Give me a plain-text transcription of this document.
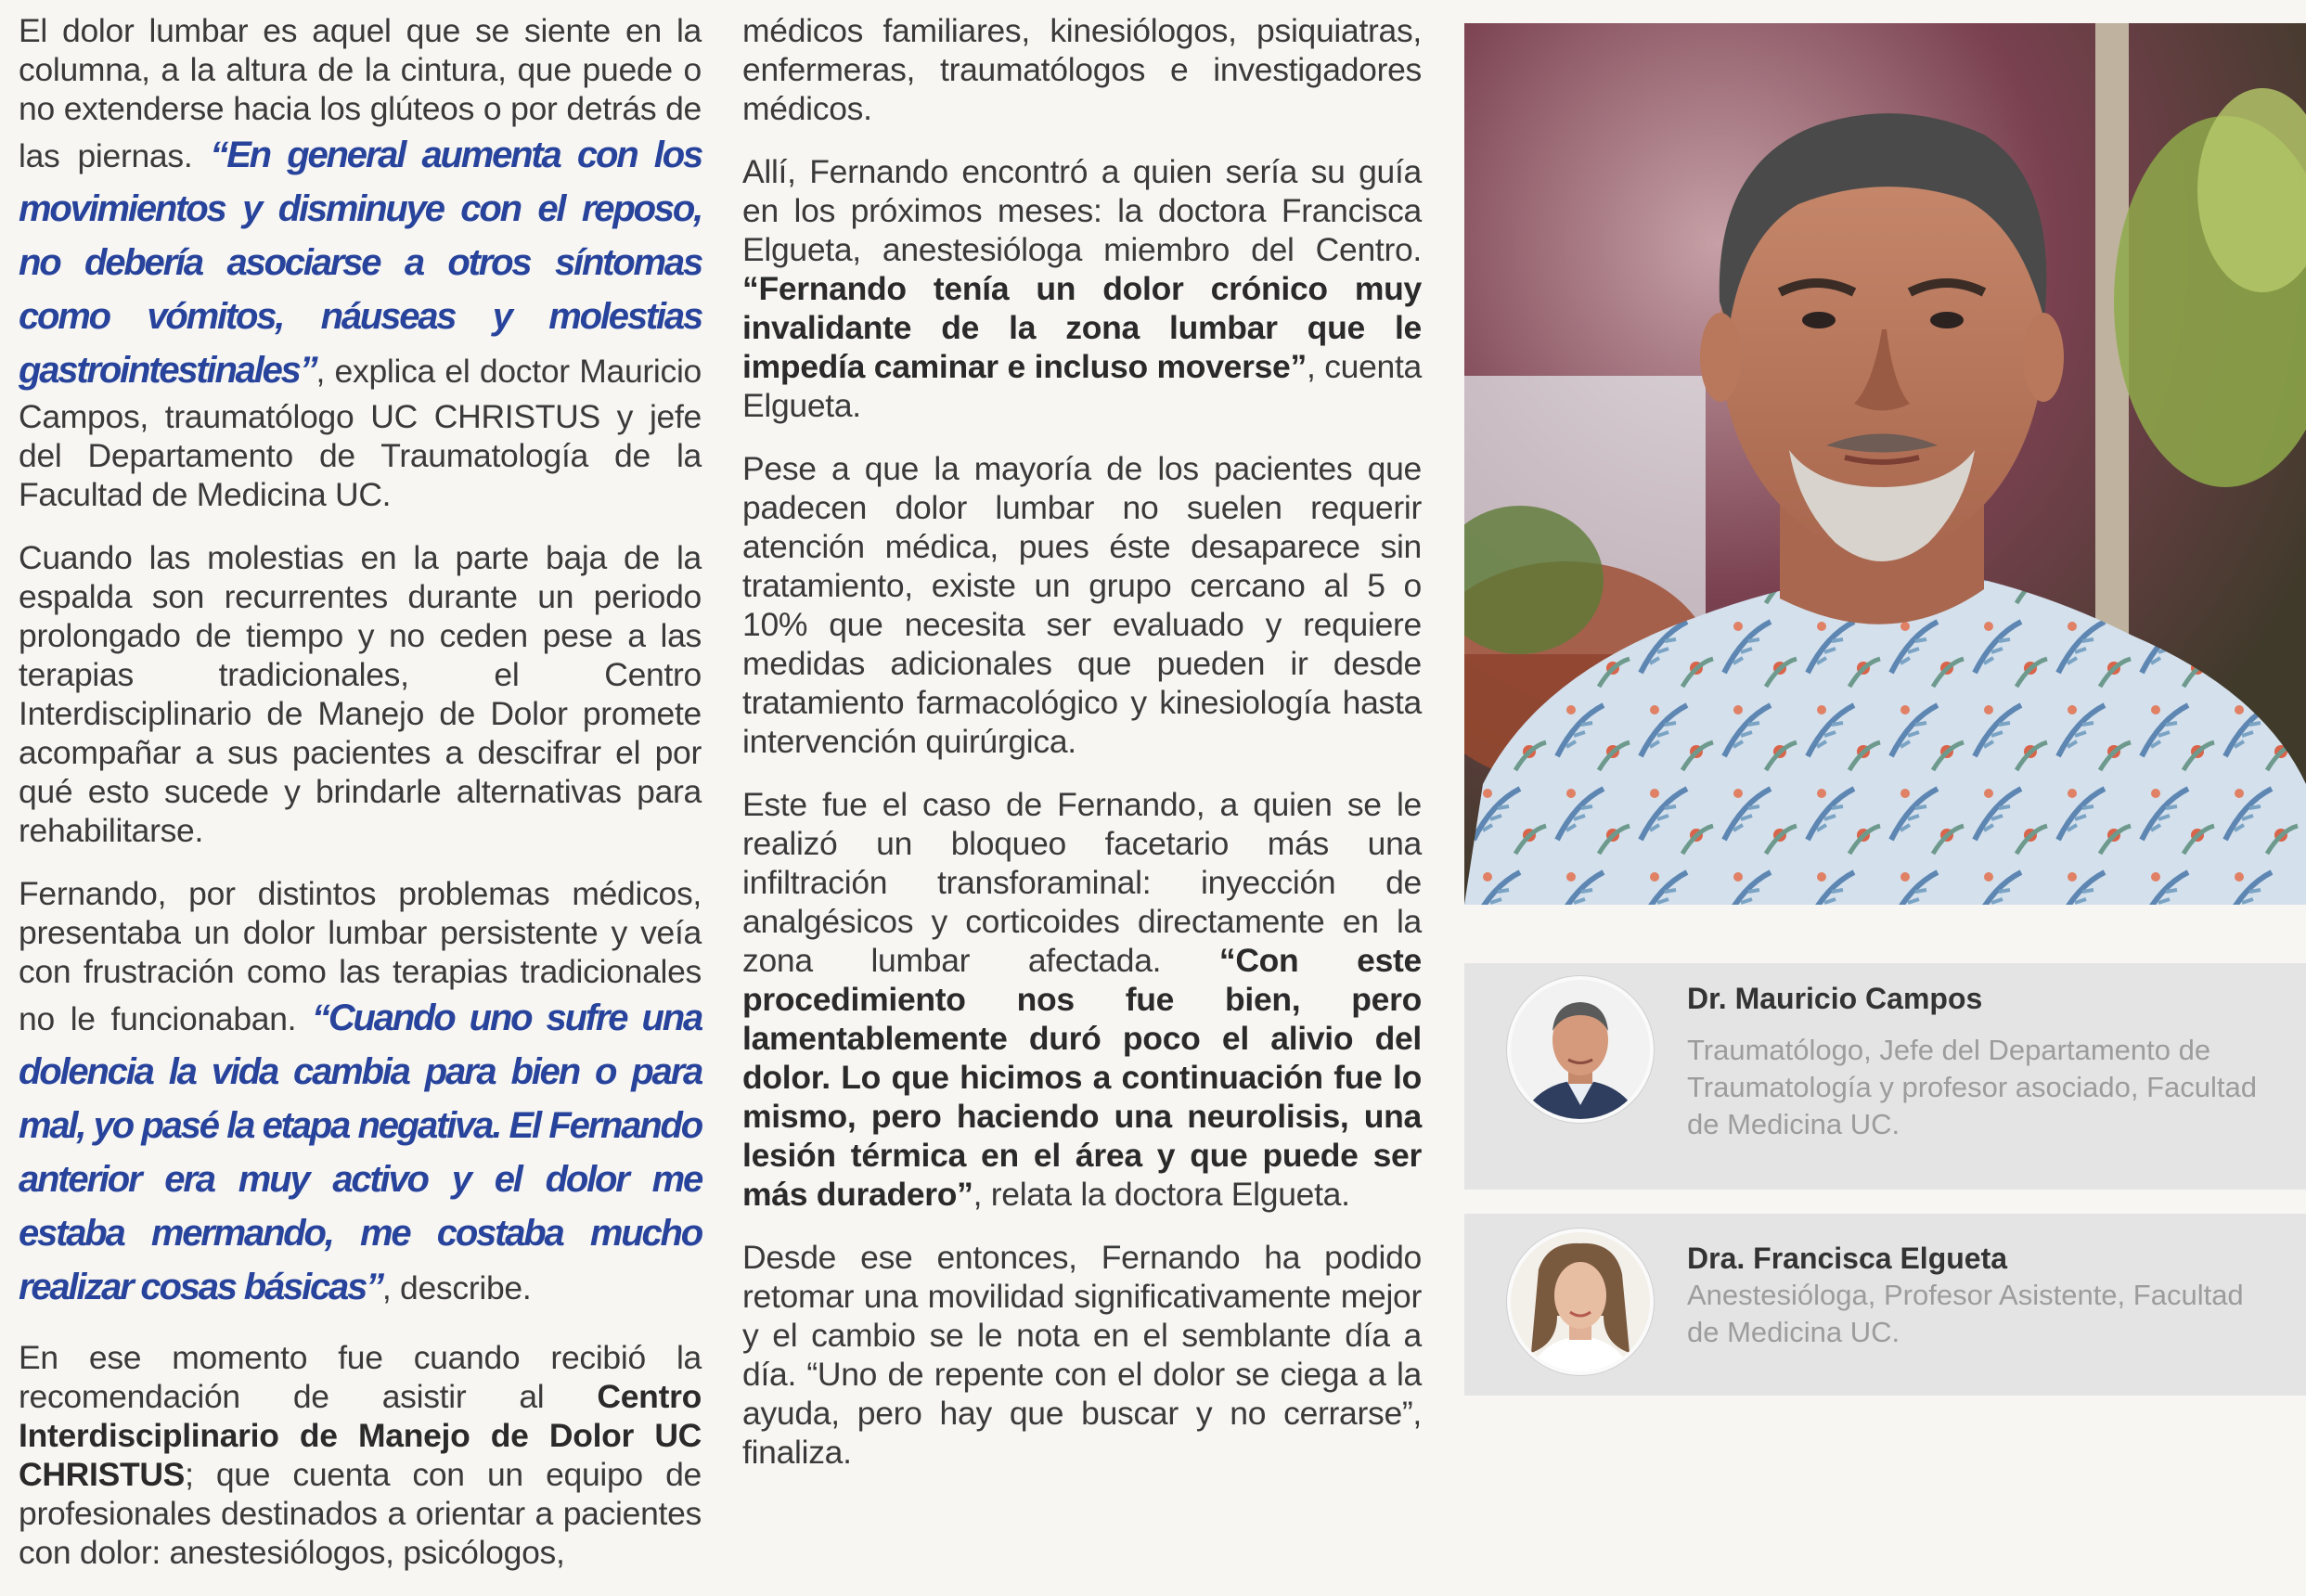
El dolor lumbar es aquel que se siente en la columna, a la altura de la cintura, que puede o no extenderse hacia los glúteos o por detrás de las piernas. “En general aumenta con los movimientos y disminuye con el reposo, no debería asociarse a otros síntomas como vómitos, náuseas y molestias gastrointestinales”, explica el doctor Mauricio Campos, traumatólogo UC CHRISTUS y jefe del Departamento de Traumatología de la Facultad de Medicina UC.

Cuando las molestias en la parte baja de la espalda son recurrentes durante un periodo prolongado de tiempo y no ceden pese a las terapias tradicionales, el Centro Interdisciplinario de Manejo de Dolor promete acompañar a sus pacientes a descifrar el por qué esto sucede y brindarle alternativas para rehabilitarse.

Fernando, por distintos problemas médicos, presentaba un dolor lumbar persistente y veía con frustración como las terapias tradicionales no le funcionaban. “Cuando uno sufre una dolencia la vida cambia para bien o para mal, yo pasé la etapa negativa. El Fernando anterior era muy activo y el dolor me estaba mermando, me costaba mucho realizar cosas básicas”, describe.

En ese momento fue cuando recibió la recomendación de asistir al Centro Interdisciplinario de Manejo de Dolor UC CHRISTUS; que cuenta con un equipo de profesionales destinados a orientar a pacientes con dolor: anestesiólogos, psicólogos,

médicos familiares, kinesiólogos, psiquiatras, enfermeras, traumatólogos e investigadores médicos.

Allí, Fernando encontró a quien sería su guía en los próximos meses: la doctora Francisca Elgueta, anestesióloga miembro del Centro. “Fernando tenía un dolor crónico muy invalidante de la zona lumbar que le impedía caminar e incluso moverse”, cuenta Elgueta.

Pese a que la mayoría de los pacientes que padecen dolor lumbar no suelen requerir atención médica, pues éste desaparece sin tratamiento, existe un grupo cercano al 5 o 10% que necesita ser evaluado y requiere medidas adicionales que pueden ir desde tratamiento farmacológico y kinesiología hasta intervención quirúrgica.

Este fue el caso de Fernando, a quien se le realizó un bloqueo facetario más una infiltración transforaminal: inyección de analgésicos y corticoides directamente en la zona lumbar afectada. “Con este procedimiento nos fue bien, pero lamentablemente duró poco el alivio del dolor. Lo que hicimos a continuación fue lo mismo, pero haciendo una neurolisis, una lesión térmica en el área y que puede ser más duradero”, relata la doctora Elgueta.

Desde ese entonces, Fernando ha podido retomar una movilidad significativamente mejor y el cambio se le nota en el semblante día a día. “Uno de repente con el dolor se ciega a la ayuda, pero hay que buscar y no cerrarse”, finaliza.

Dr. Mauricio Campos
Traumatólogo, Jefe del Departamento de Traumatología y profesor asociado, Facultad de Medicina UC.
Dra. Francisca Elgueta
Anestesióloga, Profesor Asistente, Facultad de Medicina UC.
